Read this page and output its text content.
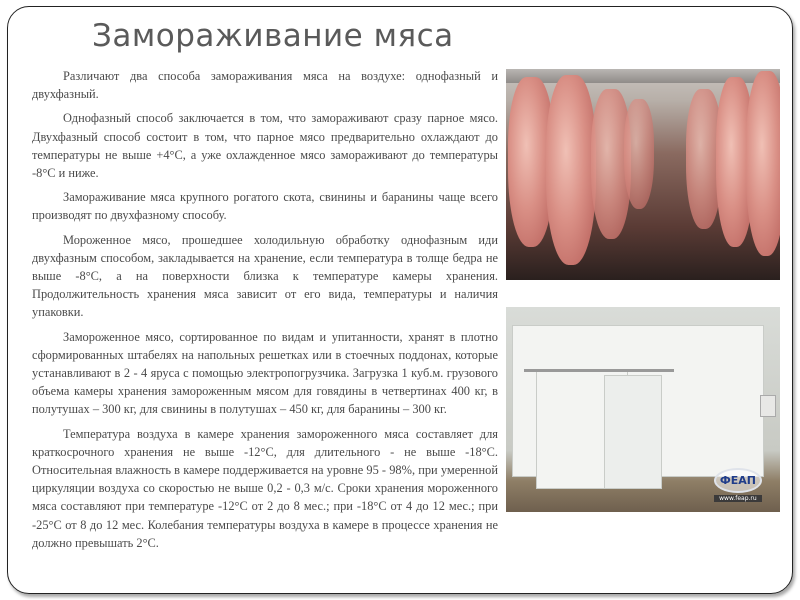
Замораживание мяса

Различают два способа замораживания мяса на воздухе: однофазный и двухфазный.

Однофазный способ заключается в том, что замораживают сразу парное мясо. Двухфазный способ состоит в том, что парное мясо предварительно охлаждают до температуры не выше +4°С, а уже охлажденное мясо замораживают до температуры -8°С и ниже.

Замораживание мяса крупного рогатого скота, свинины и баранины чаще всего производят по двухфазному способу.

Мороженное мясо, прошедшее холодильную обработку однофазным иди двухфазным способом, закладывается на хранение, если температура в толще бедра не выше -8°С, а на поверхности близка к температуре камеры хранения. Продолжительность хранения мяса зависит от его вида, температуры и наличия упаковки.

Замороженное мясо, сортированное по видам и упитанности, хранят в плотно сформированных штабелях на напольных решетках или в стоечных поддонах, которые устанавливают в 2 - 4 яруса с помощью электропогрузчика. Загрузка 1 куб.м. грузового объема камеры хранения замороженным мясом для говядины в четвертинах 400 кг, в полутушах – 300 кг, для свинины в полутушах – 450 кг, для баранины – 300 кг.

Температура воздуха в камере хранения замороженного мяса составляет для краткосрочного хранения не выше -12°С, для длительного - не выше -18°С. Относительная влажность в камере поддерживается на уровне 95 - 98%, при умеренной циркуляции воздуха со скоростью не выше 0,2 - 0,3 м/с. Сроки хранения мороженного мяса составляют при температуре -12°С от 2 до 8 мес.; при -18°С от 4 до 12 мес.; при -25°С от 8 до 12 мес. Колебания температуры воздуха в камере в процессе хранения не должно превышать 2°С.

ФЕАП
www.feap.ru
